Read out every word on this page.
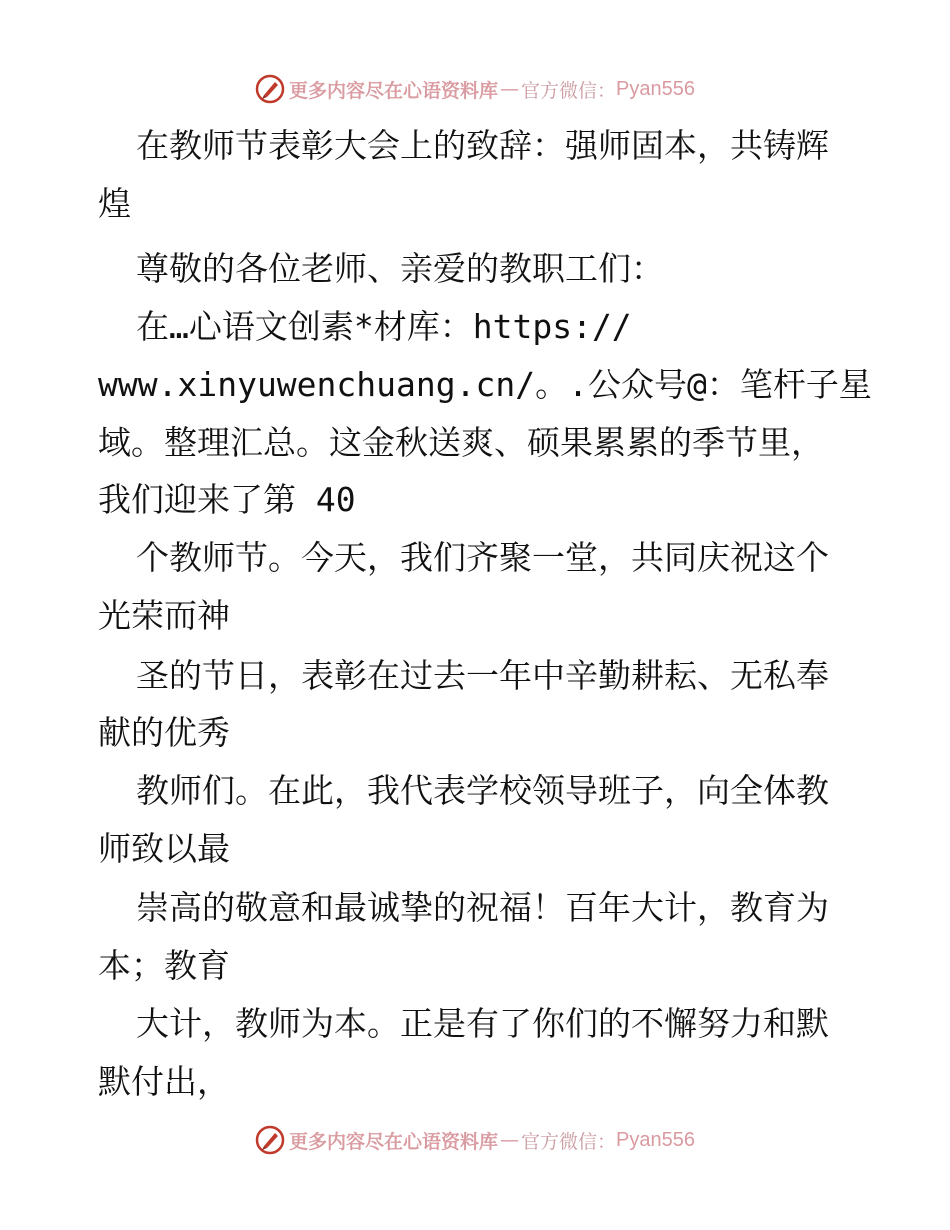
更多内容尽在心语资料库 — 官方微信： Pyan556
在教师节表彰大会上的致辞：强师固本，共铸辉
煌
尊敬的各位老师、亲爱的教职工们：
在…心语文创素*材库：https://
www.xinyuwenchuang.cn/。.公众号@：笔杆子星
域。整理汇总。这金秋送爽、硕果累累的季节里，
我们迎来了第 40
个教师节。今天，我们齐聚一堂，共同庆祝这个
光荣而神
圣的节日，表彰在过去一年中辛勤耕耘、无私奉
献的优秀
教师们。在此，我代表学校领导班子，向全体教
师致以最
崇高的敬意和最诚挚的祝福！百年大计，教育为
本；教育
大计，教师为本。正是有了你们的不懈努力和默
默付出，
更多内容尽在心语资料库 — 官方微信： Pyan556
